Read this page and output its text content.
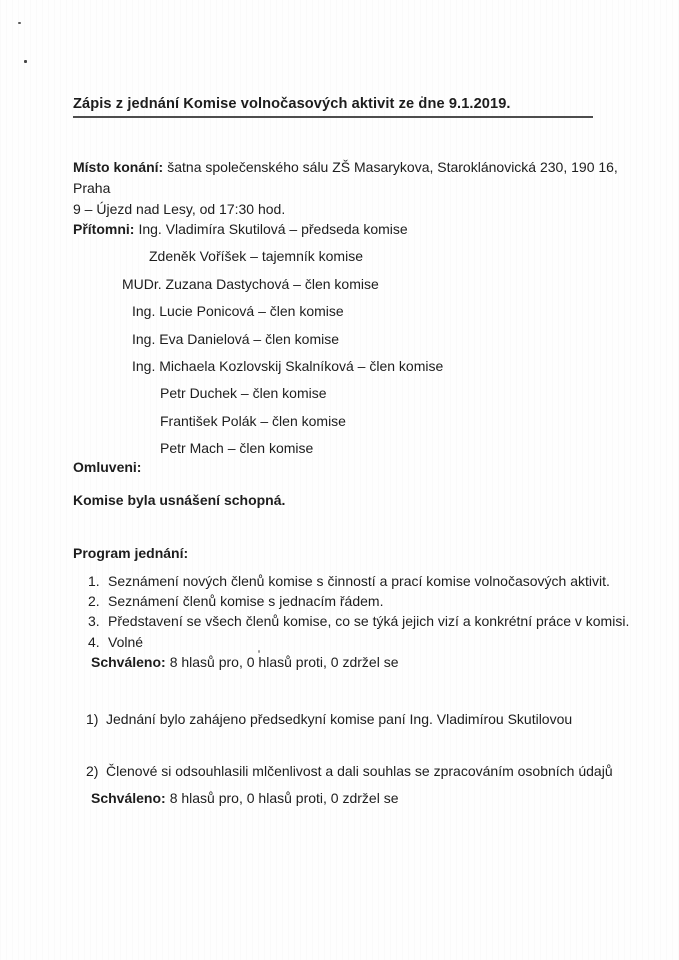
Zápis z jednání Komise volnočasových aktivit ze dne 9.1.2019.

Místo konání: šatna společenského sálu ZŠ Masarykova, Staroklánovická 230, 190 16, Praha
9 – Újezd nad Lesy, od 17:30 hod.

Přítomni: Ing. Vladimíra Skutilová – předseda komise
Zdeněk Voříšek – tajemník komise
MUDr. Zuzana Dastychová – člen komise
Ing. Lucie Ponicová – člen komise
Ing. Eva Danielová – člen komise
Ing. Michaela Kozlovskij Skalníková – člen komise
Petr Duchek – člen komise
František Polák – člen komise
Petr Mach – člen komise
Omluveni:
Komise byla usnášení schopná.
Program jednání:
1. Seznámení nových členů komise s činností a prací komise volnočasových aktivit.
2. Seznámení členů komise s jednacím řádem.
3. Představení se všech členů komise, co se týká jejich vizí a konkrétní práce v komisi.
4. Volné
Schváleno: 8 hlasů pro, 0 hlasů proti, 0 zdržel se
1) Jednání bylo zahájeno předsedkyní komise paní Ing. Vladimírou Skutilovou
2) Členové si odsouhlasili mlčenlivost a dali souhlas se zpracováním osobních údajů
Schváleno: 8 hlasů pro, 0 hlasů proti, 0 zdržel se
